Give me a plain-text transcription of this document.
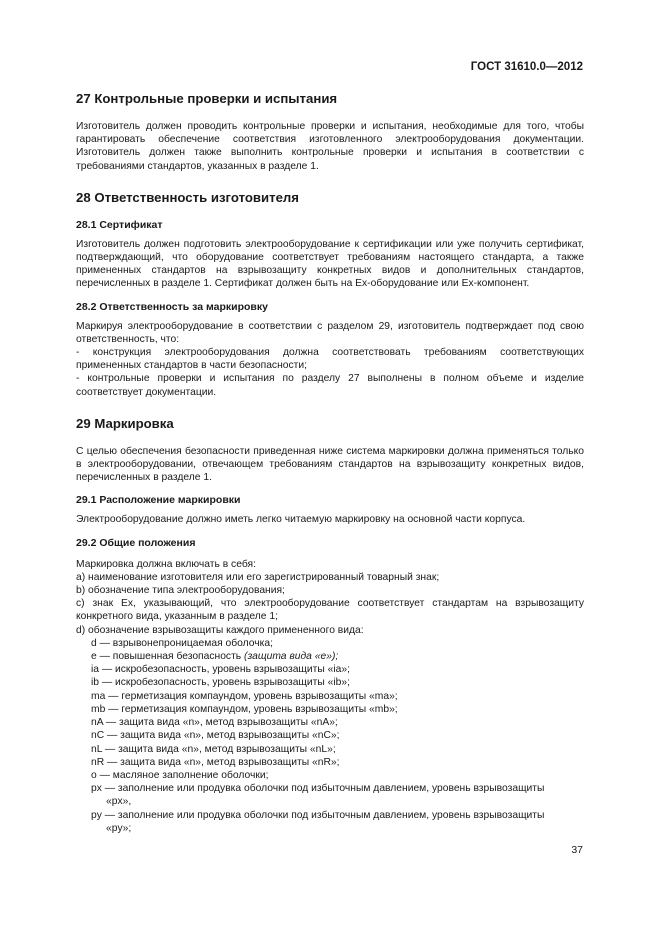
ГОСТ 31610.0—2012
27 Контрольные проверки и испытания

Изготовитель должен проводить контрольные проверки и испытания, необходимые для того, чтобы гарантировать обеспечение соответствия изготовленного электрооборудования документации. Изготовитель должен также выполнить контрольные проверки и испытания в соответствии с требованиями стандартов, указанных в разделе 1.

28 Ответственность изготовителя
28.1 Сертификат

Изготовитель должен подготовить электрооборудование к сертификации или уже получить сертификат, подтверждающий, что оборудование соответствует требованиям настоящего стандарта, а также примененных стандартов на взрывозащиту конкретных видов и дополнительных стандартов, перечисленных в разделе 1. Сертификат должен быть на Ex-оборудование или Ex-компонент.

28.2 Ответственность за маркировку

Маркируя электрооборудование в соответствии с разделом 29, изготовитель подтверждает под свою ответственность, что:

- конструкция электрооборудования должна соответствовать требованиям соответствующих примененных стандартов в части безопасности;

- контрольные проверки и испытания по разделу 27 выполнены в полном объеме и изделие соответствует документации.

29 Маркировка

С целью обеспечения безопасности приведенная ниже система маркировки должна применяться только в электрооборудовании, отвечающем требованиям стандартов на взрывозащиту конкретных видов, перечисленных в разделе 1.

29.1 Расположение маркировки

Электрооборудование должно иметь легко читаемую маркировку на основной части корпуса.

29.2 Общие положения

Маркировка должна включать в себя:

а) наименование изготовителя или его зарегистрированный товарный знак;

b) обозначение типа электрооборудования;

с) знак Ex, указывающий, что электрооборудование соответствует стандартам на взрывозащиту конкретного вида, указанным в разделе 1;

d) обозначение взрывозащиты каждого примененного вида:

d — взрывонепроницаемая оболочка;

е — повышенная безопасность (защита вида «е»);

ia — искробезопасность, уровень взрывозащиты «ia»;

ib — искробезопасность, уровень взрывозащиты «ib»;

ma — герметизация компаундом, уровень взрывозащиты «ma»;

mb — герметизация компаундом, уровень взрывозащиты «mb»;

nA — защита вида «n», метод взрывозащиты «nA»;

nC — защита вида «n», метод взрывозащиты «nC»;

nL — защита вида «n», метод взрывозащиты «nL»;

nR — защита вида «n», метод взрывозащиты «nR»;

о — масляное заполнение оболочки;

px — заполнение или продувка оболочки под избыточным давлением, уровень взрывозащиты

«px»,

py — заполнение или продувка оболочки под избыточным давлением, уровень взрывозащиты

«py»;

37
